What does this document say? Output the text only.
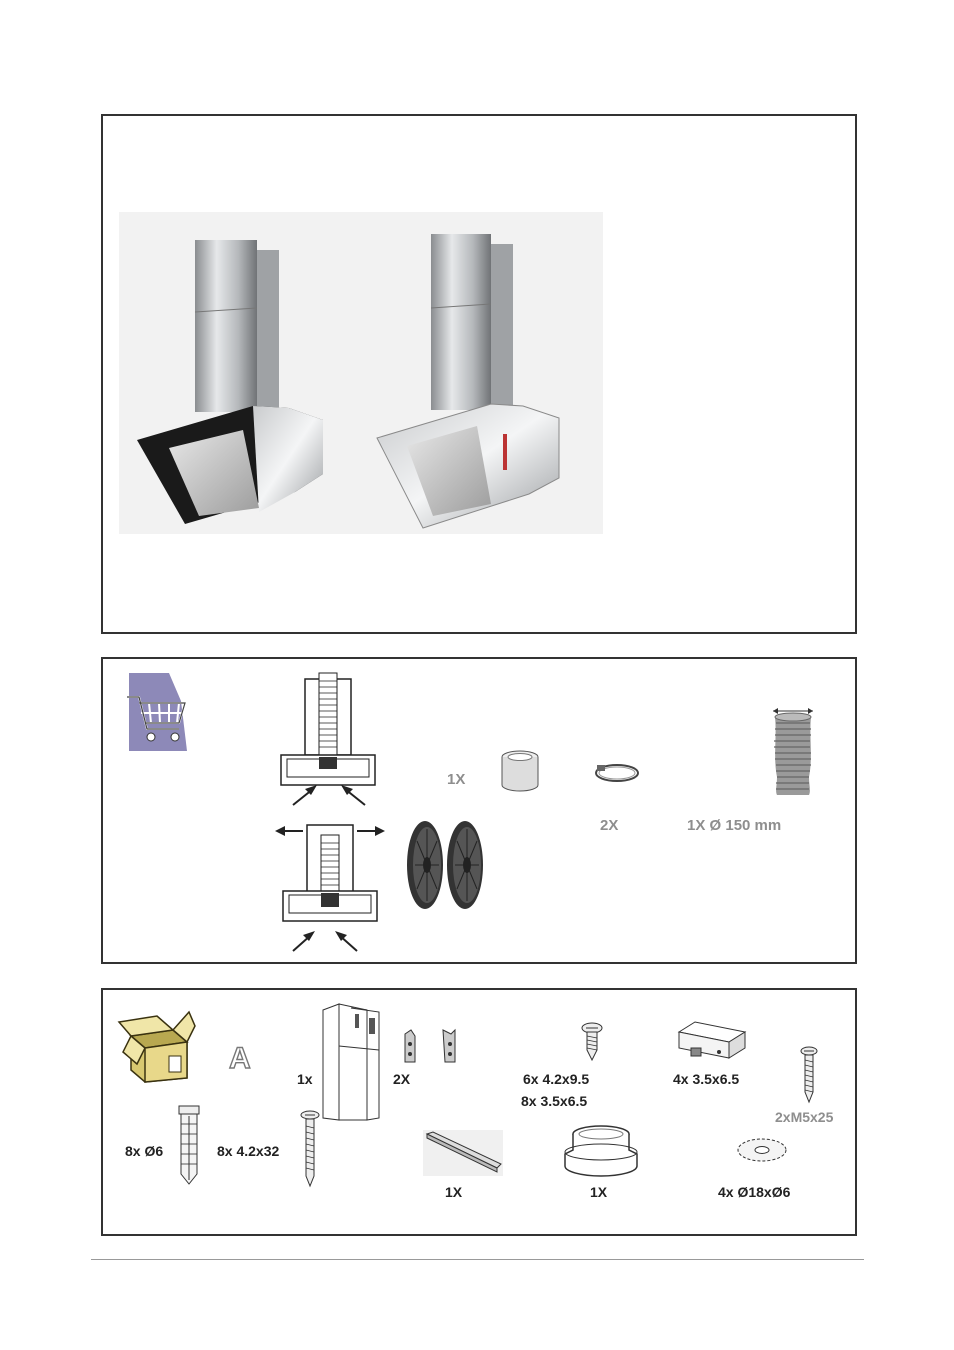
1X
2X	1X Ø 150 mm
A
1x	2X	6x 4.2x9.5
8x 3.5x6.5
4x 3.5x6.5
2xM5x25
8x Ø6	8x 4.2x32
1X	1X	4x Ø18xØ6
